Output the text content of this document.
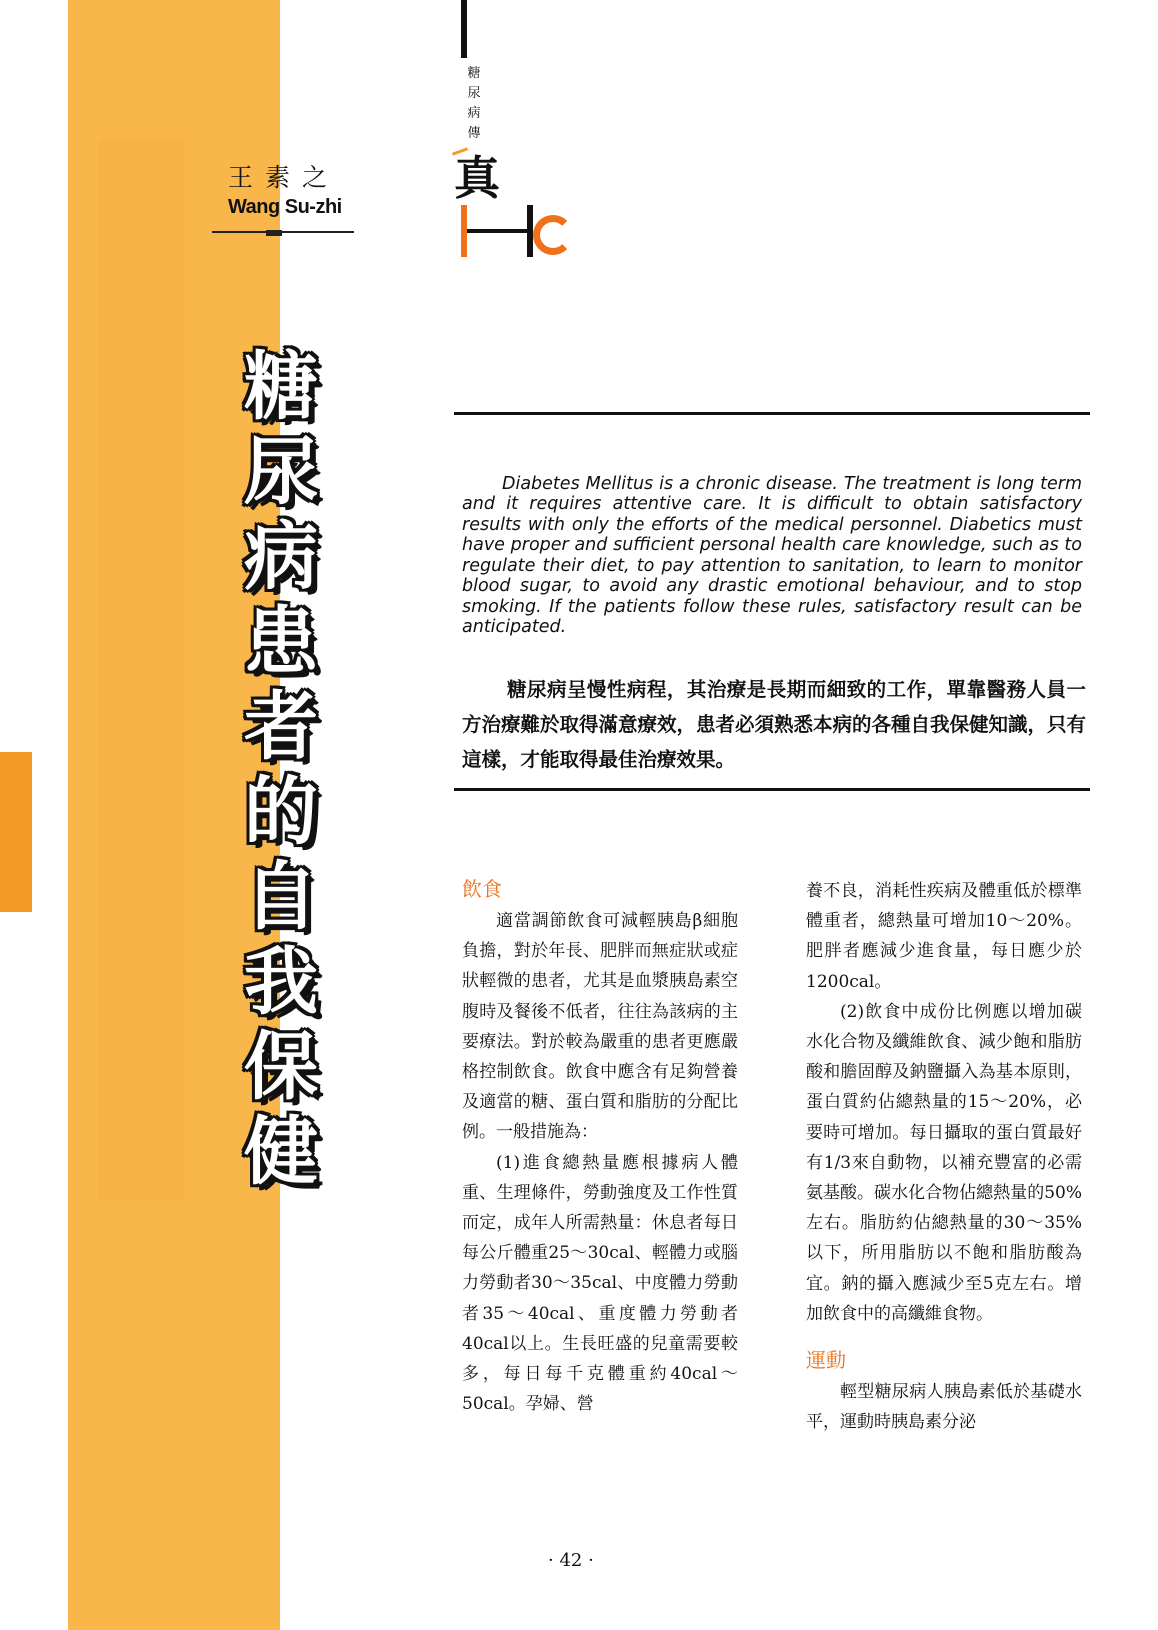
王素之
Wang Su-zhi
糖
尿
病
患
者
的
自
我
保
健
糖
尿
病
傳
真

Diabetes Mellitus is a chronic disease. The treatment is long term and it requires attentive care. It is difficult to obtain satisfactory results with only the efforts of the medical personnel. Diabetics must have proper and sufficient personal health care knowledge, such as to regulate their diet, to pay attention to sanitation, to learn to monitor blood sugar, to avoid any drastic emotional behaviour, and to stop smoking. If the patients follow these rules, satisfactory result can be anticipated.

糖尿病呈慢性病程，其治療是長期而細致的工作，單靠醫務人員一方治療難於取得滿意療效，患者必須熟悉本病的各種自我保健知識，只有這樣，才能取得最佳治療效果。

飲食

適當調節飲食可減輕胰島β細胞負擔，對於年長、肥胖而無症狀或症狀輕微的患者，尤其是血漿胰島素空腹時及餐後不低者，往往為該病的主要療法。對於較為嚴重的患者更應嚴格控制飲食。飲食中應含有足夠營養及適當的糖、蛋白質和脂肪的分配比例。一般措施為：

(1)進食總熱量應根據病人體重、生理條件，勞動強度及工作性質而定，成年人所需熱量：休息者每日每公斤體重25～30cal、輕體力或腦力勞動者30～35cal、中度體力勞動者35～40cal、重度體力勞動者40cal以上。生長旺盛的兒童需要較多，每日每千克體重約40cal～50cal。孕婦、營

養不良，消耗性疾病及體重低於標準體重者，總熱量可增加10～20%。肥胖者應減少進食量，每日應少於1200cal。

(2)飲食中成份比例應以增加碳水化合物及纖維飲食、減少飽和脂肪酸和膽固醇及鈉鹽攝入為基本原則，蛋白質約佔總熱量的15～20%，必要時可增加。每日攝取的蛋白質最好有1/3來自動物，以補充豐富的必需氨基酸。碳水化合物佔總熱量的50%左右。脂肪約佔總熱量的30～35%以下，所用脂肪以不飽和脂肪酸為宜。鈉的攝入應減少至5克左右。增加飲食中的高纖維食物。

運動

輕型糖尿病人胰島素低於基礎水平，運動時胰島素分泌

· 42 ·
